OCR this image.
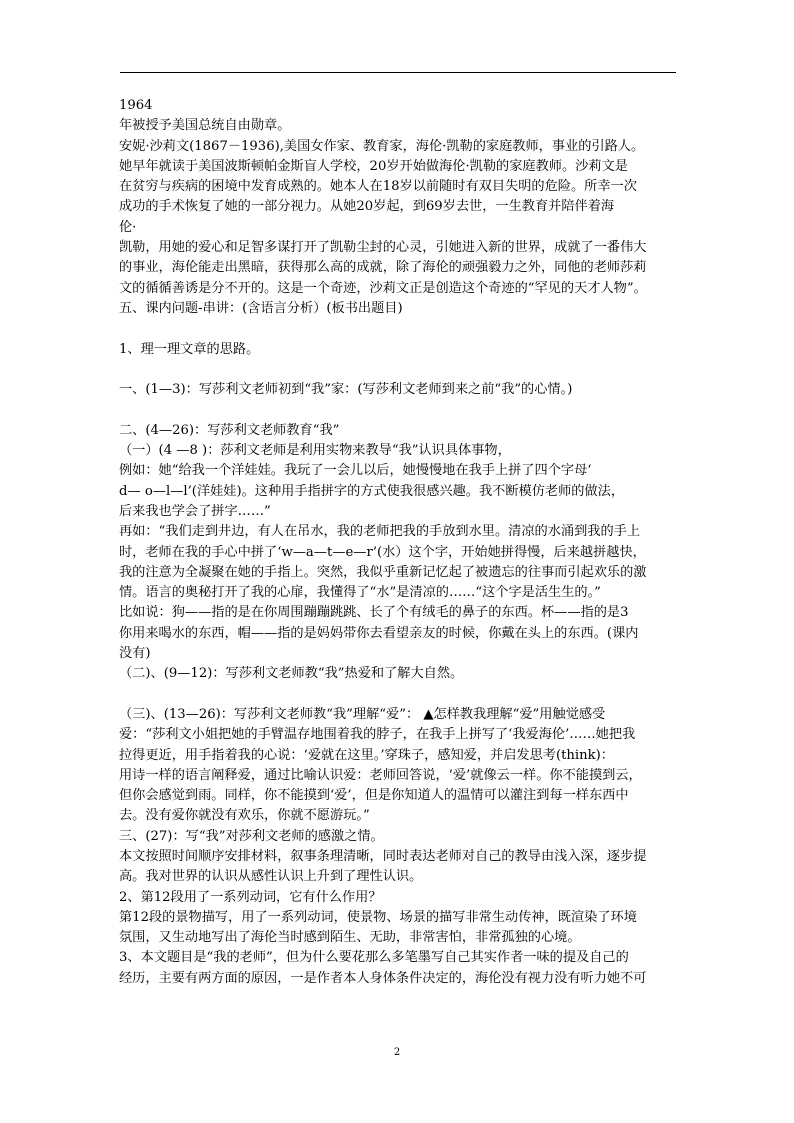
1964
年被授予美国总统自由勋章。
安妮·沙莉文(1867－1936),美国女作家、教育家，海伦·凯勒的家庭教师，事业的引路人。
她早年就读于美国波斯顿帕金斯盲人学校，20岁开始做海伦·凯勒的家庭教师。沙莉文是
在贫穷与疾病的困境中发育成熟的。她本人在18岁以前随时有双目失明的危险。所幸一次
成功的手术恢复了她的一部分视力。从她20岁起，到69岁去世，一生教育并陪伴着海
伦·
凯勒，用她的爱心和足智多谋打开了凯勒尘封的心灵，引她进入新的世界，成就了一番伟大
的事业，海伦能走出黑暗，获得那么高的成就，除了海伦的顽强毅力之外，同他的老师莎莉
文的循循善诱是分不开的。这是一个奇迹，沙莉文正是创造这个奇迹的“罕见的天才人物”。
五、课内问题-串讲：(含语言分析）(板书出题目)

1、理一理文章的思路。

一、(1—3)：写莎利文老师初到“我”家：(写莎利文老师到来之前“我”的心情。)

二、(4—26)：写莎利文老师教育“我”
（一）(4 —8 )：莎利文老师是利用实物来教导“我”认识具体事物，
例如：她“给我一个洋娃娃。我玩了一会儿以后，她慢慢地在我手上拼了四个字母‘
d— o—l—l’(洋娃娃)。这种用手指拼字的方式使我很感兴趣。我不断模仿老师的做法，
后来我也学会了拼字……”
再如：“我们走到井边，有人在吊水，我的老师把我的手放到水里。清凉的水涌到我的手上
时，老师在我的手心中拼了‘w—a—t—e—r’(水）这个字，开始她拼得慢，后来越拼越快，
我的注意为全凝聚在她的手指上。突然，我似乎重新记忆起了被遗忘的往事而引起欢乐的激
情。语言的奥秘打开了我的心扉，我懂得了“水”是清凉的……“这个字是活生生的。”
比如说：狗——指的是在你周围蹦蹦跳跳、长了个有绒毛的鼻子的东西。杯——指的是3
你用来喝水的东西，帽——指的是妈妈带你去看望亲友的时候，你戴在头上的东西。(课内
没有)
（二)、(9—12)：写莎利文老师教“我”热爱和了解大自然。

（三)、(13—26)：写莎利文老师教“我”理解“爱”： ▲怎样教我理解“爱”用触觉感受
爱：“莎利文小姐把她的手臂温存地围着我的脖子，在我手上拼写了‘我爱海伦’……她把我
拉得更近，用手指着我的心说：‘爱就在这里。’穿珠子，感知爱，并启发思考(think)：
用诗一样的语言阐释爱，通过比喻认识爱：老师回答说，‘爱’就像云一样。你不能摸到云，
但你会感觉到雨。同样，你不能摸到‘爱’，但是你知道人的温情可以灌注到每一样东西中
去。没有爱你就没有欢乐，你就不愿游玩。”
三、(27)：写“我”对莎利文老师的感激之情。
本文按照时间顺序安排材料，叙事条理清晰，同时表达老师对自己的教导由浅入深，逐步提
高。我对世界的认识从感性认识上升到了理性认识。
2、第12段用了一系列动词，它有什么作用？
第12段的景物描写，用了一系列动词，使景物、场景的描写非常生动传神，既渲染了环境
氛围，又生动地写出了海伦当时感到陌生、无助，非常害怕，非常孤独的心境。
3、本文题目是“我的老师”，但为什么要花那么多笔墨写自己其实作者一味的提及自己的
经历，主要有两方面的原因，一是作者本人身体条件决定的，海伦没有视力没有听力她不可
2
